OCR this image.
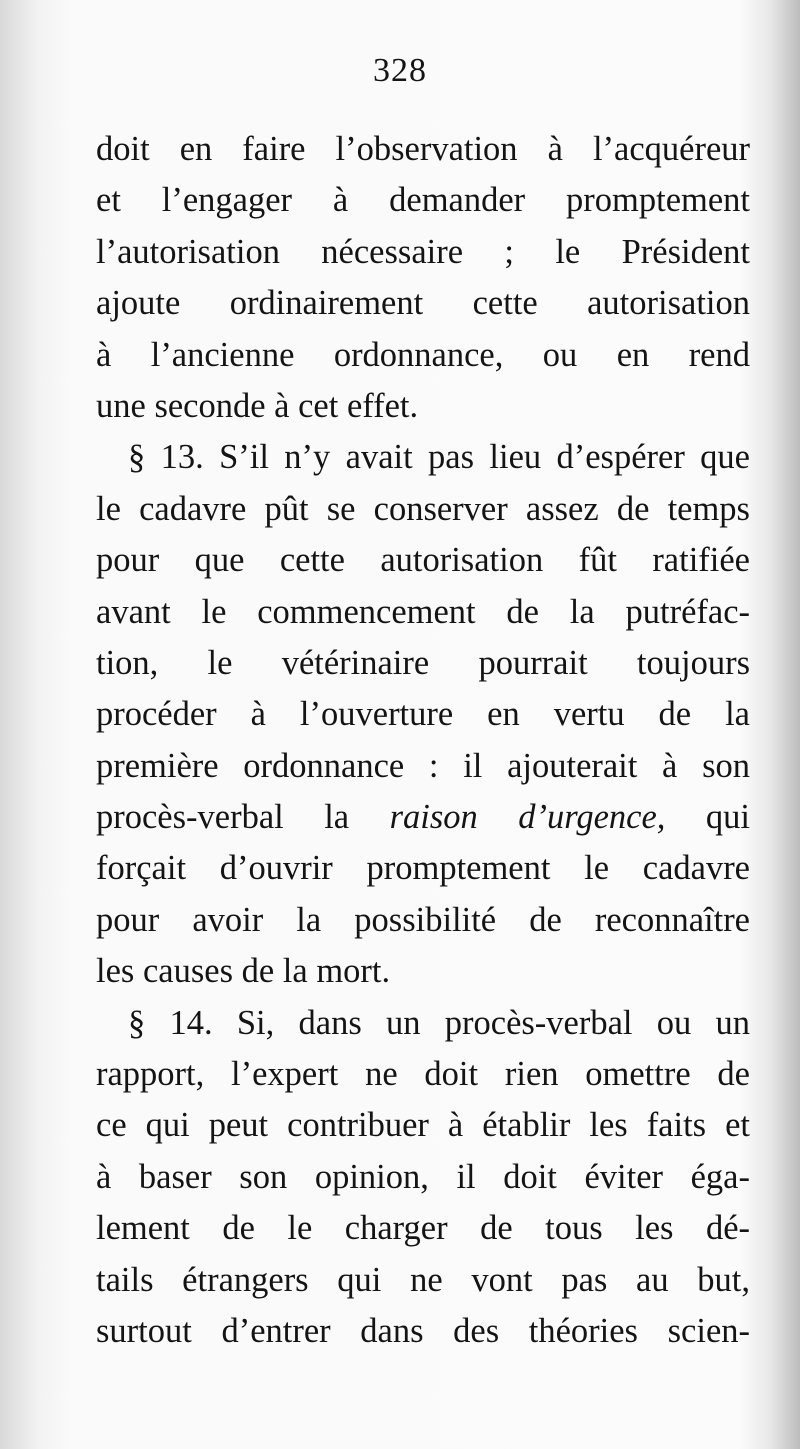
328
doit en faire l’observation à l’acquéreur
et l’engager à demander promptement
l’autorisation nécessaire ; le Président
ajoute ordinairement cette autorisation
à l’ancienne ordonnance, ou en rend
une seconde à cet effet.
§ 13. S’il n’y avait pas lieu d’espérer que
le cadavre pût se conserver assez de temps
pour que cette autorisation fût ratifiée
avant le commencement de la putréfac-
tion, le vétérinaire pourrait toujours
procéder à l’ouverture en vertu de la
première ordonnance : il ajouterait à son
procès-verbal la raison d’urgence, qui
forçait d’ouvrir promptement le cadavre
pour avoir la possibilité de reconnaître
les causes de la mort.
§ 14. Si, dans un procès-verbal ou un
rapport, l’expert ne doit rien omettre de
ce qui peut contribuer à établir les faits et
à baser son opinion, il doit éviter éga-
lement de le charger de tous les dé-
tails étrangers qui ne vont pas au but,
surtout d’entrer dans des théories scien-
